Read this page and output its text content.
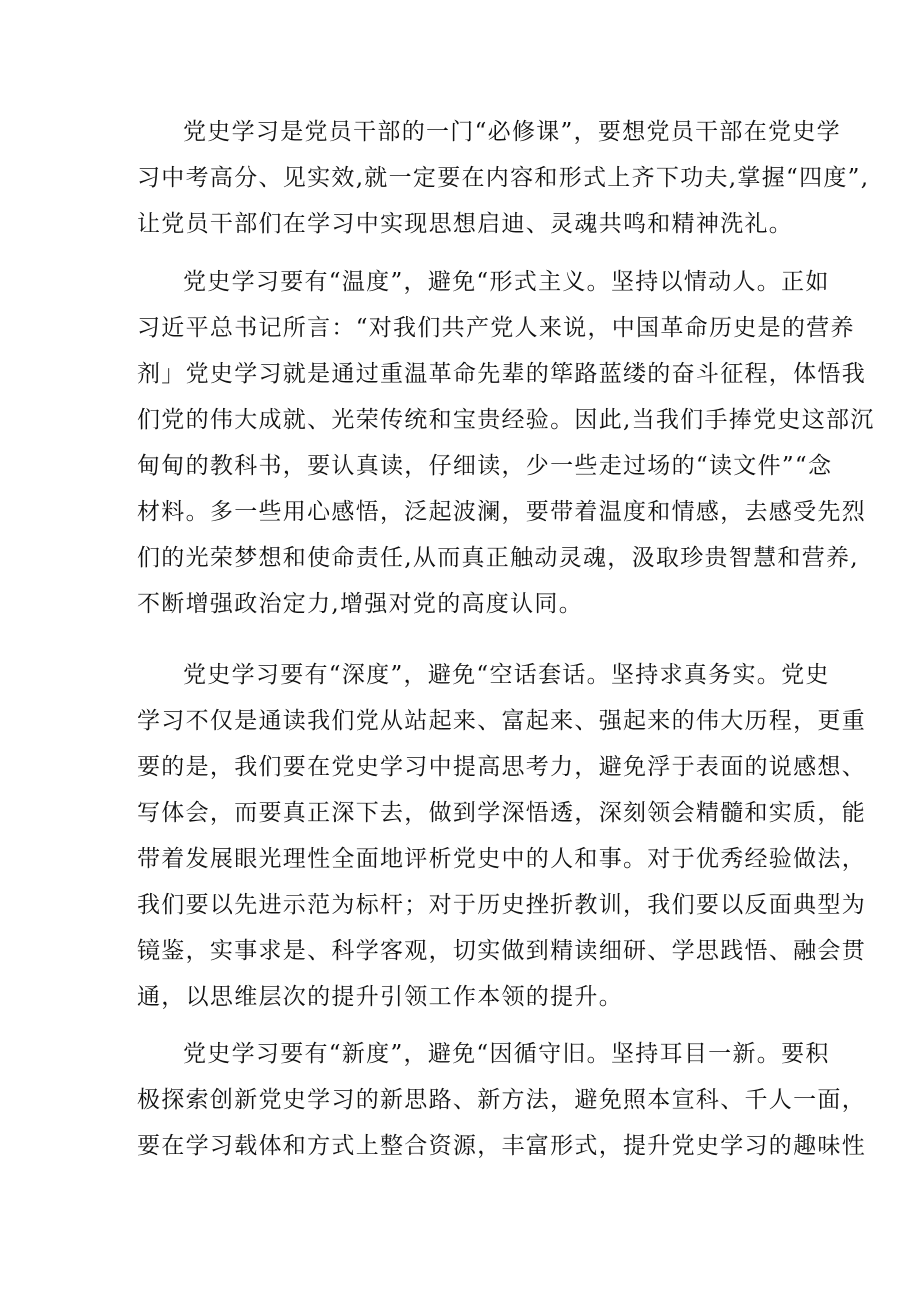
党史学习是党员干部的一门“必修课”，要想党员干部在党史学

习中考高分、见实效,就一定要在内容和形式上齐下功夫,掌握“四度”,

让党员干部们在学习中实现思想启迪、灵魂共鸣和精神洗礼。

党史学习要有“温度”，避免“形式主义。坚持以情动人。正如

习近平总书记所言：“对我们共产党人来说，中国革命历史是的营养

剂」党史学习就是通过重温革命先辈的筚路蓝缕的奋斗征程，体悟我

们党的伟大成就、光荣传统和宝贵经验。因此,当我们手捧党史这部沉

甸甸的教科书，要认真读，仔细读，少一些走过场的“读文件”“念

材料。多一些用心感悟，泛起波澜，要带着温度和情感，去感受先烈

们的光荣梦想和使命责任,从而真正触动灵魂，汲取珍贵智慧和营养,

不断增强政治定力,增强对党的高度认同。

党史学习要有“深度”，避免“空话套话。坚持求真务实。党史

学习不仅是通读我们党从站起来、富起来、强起来的伟大历程，更重

要的是，我们要在党史学习中提高思考力，避免浮于表面的说感想、

写体会，而要真正深下去，做到学深悟透，深刻领会精髓和实质，能

带着发展眼光理性全面地评析党史中的人和事。对于优秀经验做法，

我们要以先进示范为标杆；对于历史挫折教训，我们要以反面典型为

镜鉴，实事求是、科学客观，切实做到精读细研、学思践悟、融会贯

通，以思维层次的提升引领工作本领的提升。

党史学习要有“新度”，避免“因循守旧。坚持耳目一新。要积

极探索创新党史学习的新思路、新方法，避免照本宣科、千人一面，

要在学习载体和方式上整合资源，丰富形式，提升党史学习的趣味性
